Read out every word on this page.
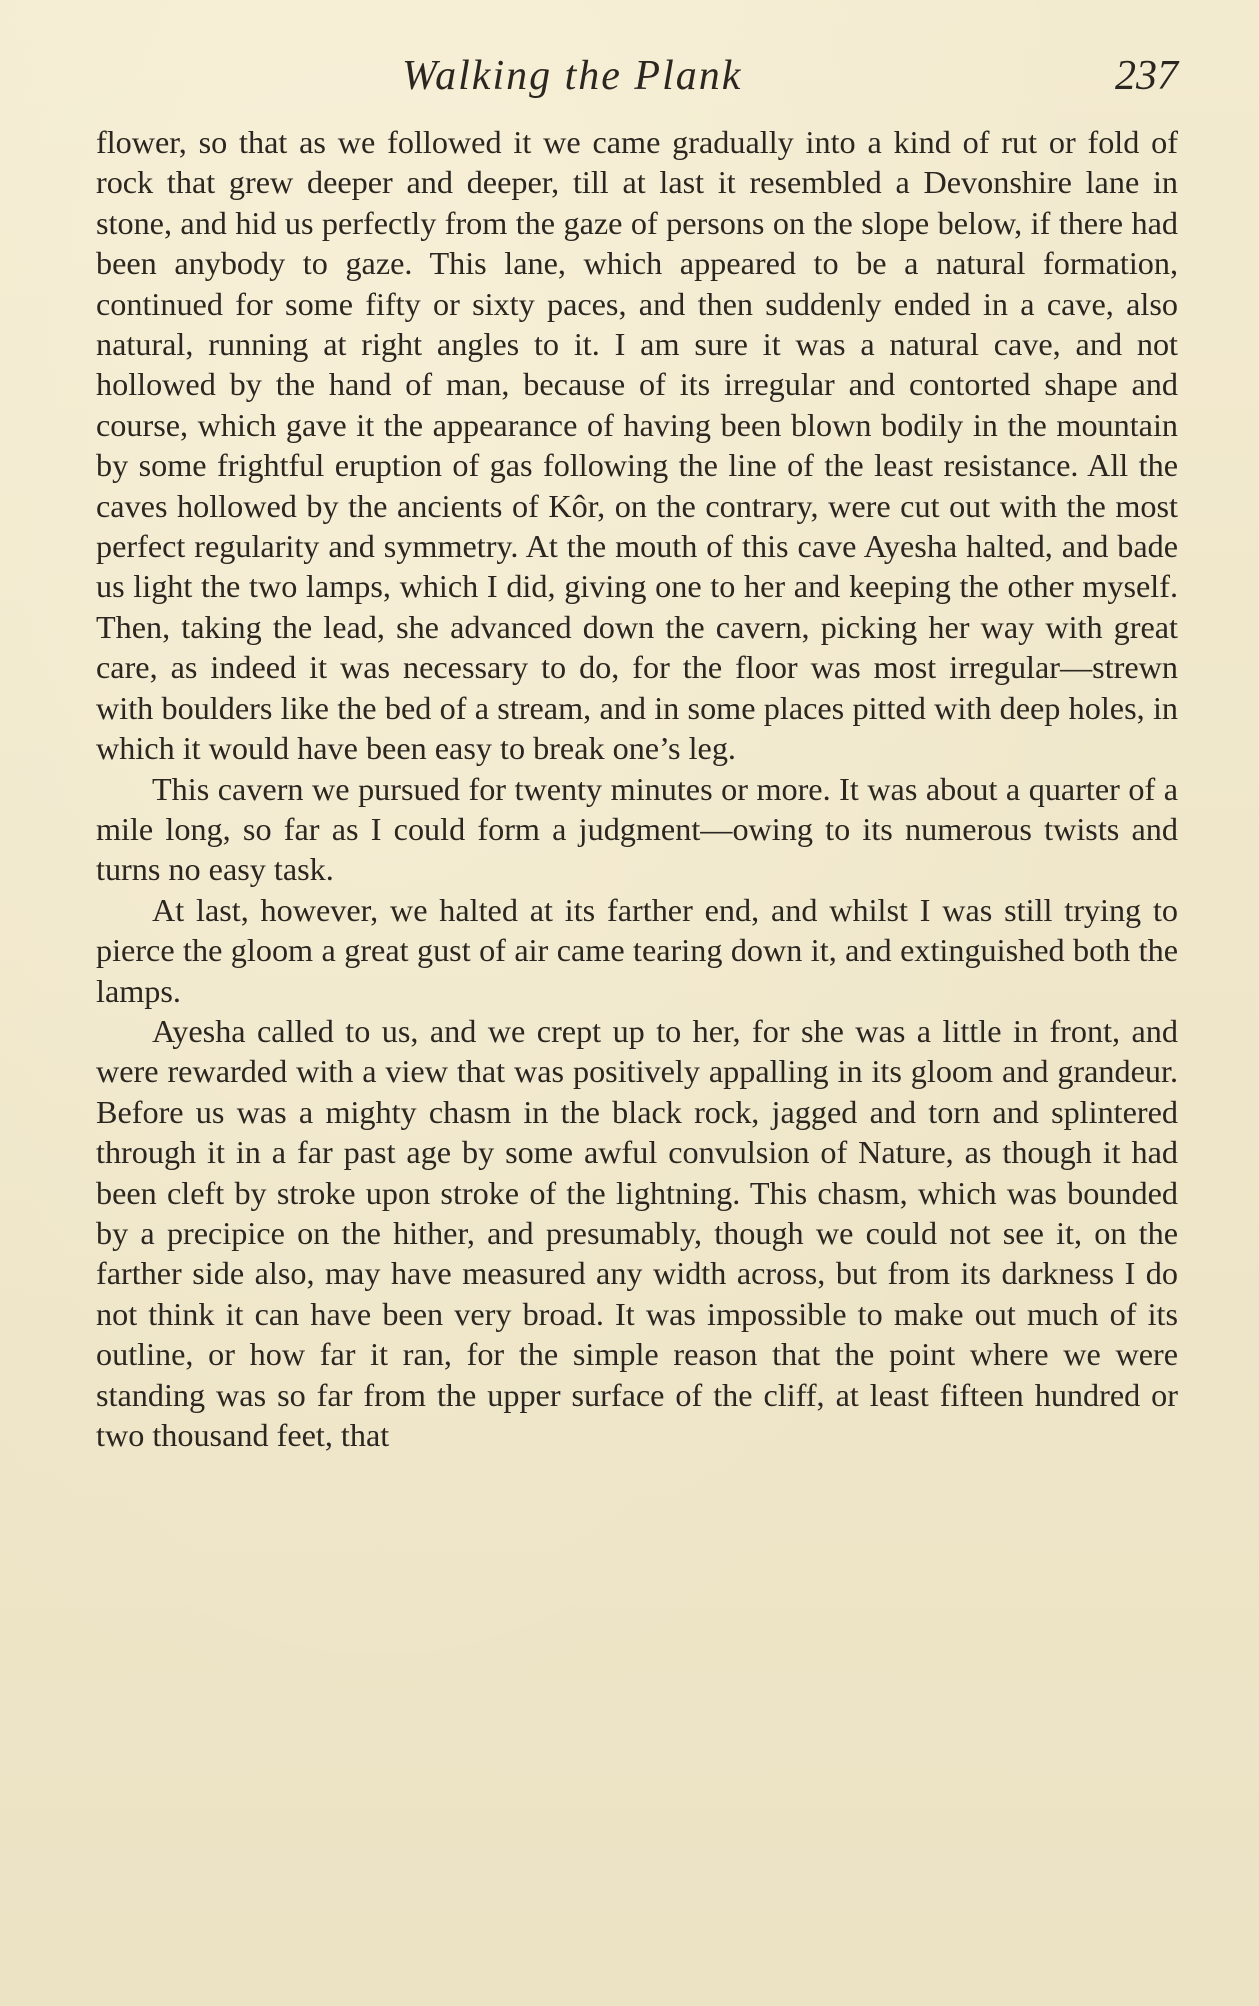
Walking the Plank	237

flower, so that as we followed it we came gradually into a kind of rut or fold of rock that grew deeper and deeper, till at last it resembled a Devonshire lane in stone, and hid us perfectly from the gaze of persons on the slope below, if there had been anybody to gaze. This lane, which appeared to be a natural formation, continued for some fifty or sixty paces, and then suddenly ended in a cave, also natural, running at right angles to it. I am sure it was a natural cave, and not hollowed by the hand of man, because of its irregular and contorted shape and course, which gave it the appearance of having been blown bodily in the mountain by some frightful eruption of gas following the line of the least resistance. All the caves hollowed by the ancients of Kôr, on the contrary, were cut out with the most perfect regularity and symmetry. At the mouth of this cave Ayesha halted, and bade us light the two lamps, which I did, giving one to her and keeping the other myself. Then, taking the lead, she advanced down the cavern, picking her way with great care, as indeed it was necessary to do, for the floor was most irregular—strewn with boulders like the bed of a stream, and in some places pitted with deep holes, in which it would have been easy to break one’s leg.

This cavern we pursued for twenty minutes or more. It was about a quarter of a mile long, so far as I could form a judgment—owing to its numerous twists and turns no easy task.

At last, however, we halted at its farther end, and whilst I was still trying to pierce the gloom a great gust of air came tearing down it, and extinguished both the lamps.

Ayesha called to us, and we crept up to her, for she was a little in front, and were rewarded with a view that was positively appalling in its gloom and grandeur. Before us was a mighty chasm in the black rock, jagged and torn and splintered through it in a far past age by some awful convulsion of Nature, as though it had been cleft by stroke upon stroke of the lightning. This chasm, which was bounded by a precipice on the hither, and presumably, though we could not see it, on the farther side also, may have measured any width across, but from its darkness I do not think it can have been very broad. It was impossible to make out much of its outline, or how far it ran, for the simple reason that the point where we were standing was so far from the upper surface of the cliff, at least fifteen hundred or two thousand feet, that
